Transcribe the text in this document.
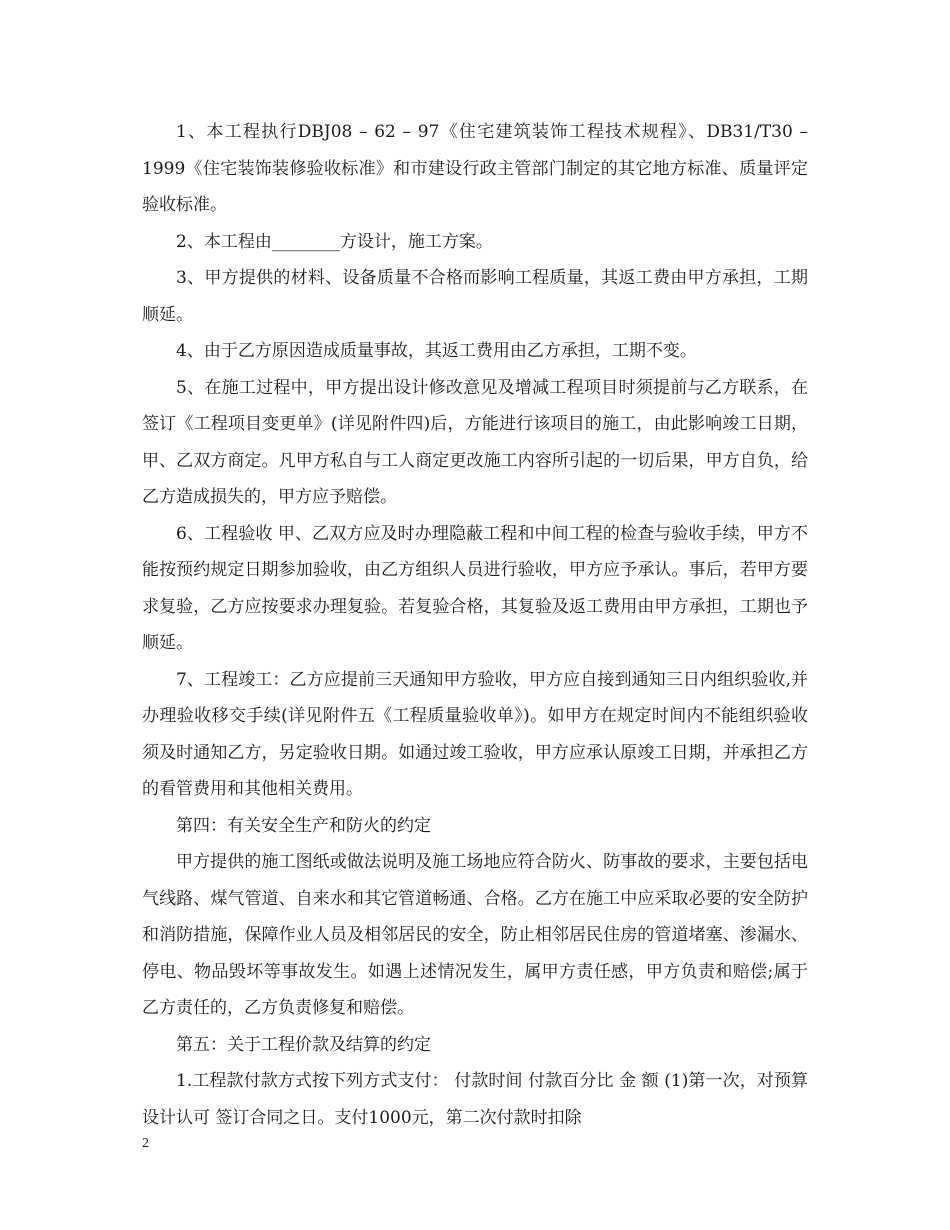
1、本工程执行DBJ08 – 62 – 97《住宅建筑装饰工程技术规程》、DB31/T30 – 1999《住宅装饰装修验收标准》和市建设行政主管部门制定的其它地方标准、质量评定验收标准。

2、本工程由________方设计，施工方案。

3、甲方提供的材料、设备质量不合格而影响工程质量，其返工费由甲方承担，工期顺延。

4、由于乙方原因造成质量事故，其返工费用由乙方承担，工期不变。

5、在施工过程中，甲方提出设计修改意见及增减工程项目时须提前与乙方联系，在签订《工程项目变更单》(详见附件四)后，方能进行该项目的施工，由此影响竣工日期，甲、乙双方商定。凡甲方私自与工人商定更改施工内容所引起的一切后果，甲方自负，给乙方造成损失的，甲方应予赔偿。

6、工程验收 甲、乙双方应及时办理隐蔽工程和中间工程的检查与验收手续，甲方不能按预约规定日期参加验收，由乙方组织人员进行验收，甲方应予承认。事后，若甲方要求复验，乙方应按要求办理复验。若复验合格，其复验及返工费用由甲方承担，工期也予顺延。

7、工程竣工：乙方应提前三天通知甲方验收，甲方应自接到通知三日内组织验收,并办理验收移交手续(详见附件五《工程质量验收单》)。如甲方在规定时间内不能组织验收须及时通知乙方，另定验收日期。如通过竣工验收，甲方应承认原竣工日期，并承担乙方的看管费用和其他相关费用。

第四：有关安全生产和防火的约定

甲方提供的施工图纸或做法说明及施工场地应符合防火、防事故的要求，主要包括电气线路、煤气管道、自来水和其它管道畅通、合格。乙方在施工中应采取必要的安全防护和消防措施，保障作业人员及相邻居民的安全，防止相邻居民住房的管道堵塞、渗漏水、停电、物品毁坏等事故发生。如遇上述情况发生，属甲方责任感，甲方负责和赔偿;属于乙方责任的，乙方负责修复和赔偿。

第五：关于工程价款及结算的约定

1.工程款付款方式按下列方式支付： 付款时间 付款百分比 金 额 (1)第一次，对预算设计认可 签订合同之日。支付1000元，第二次付款时扣除

2
